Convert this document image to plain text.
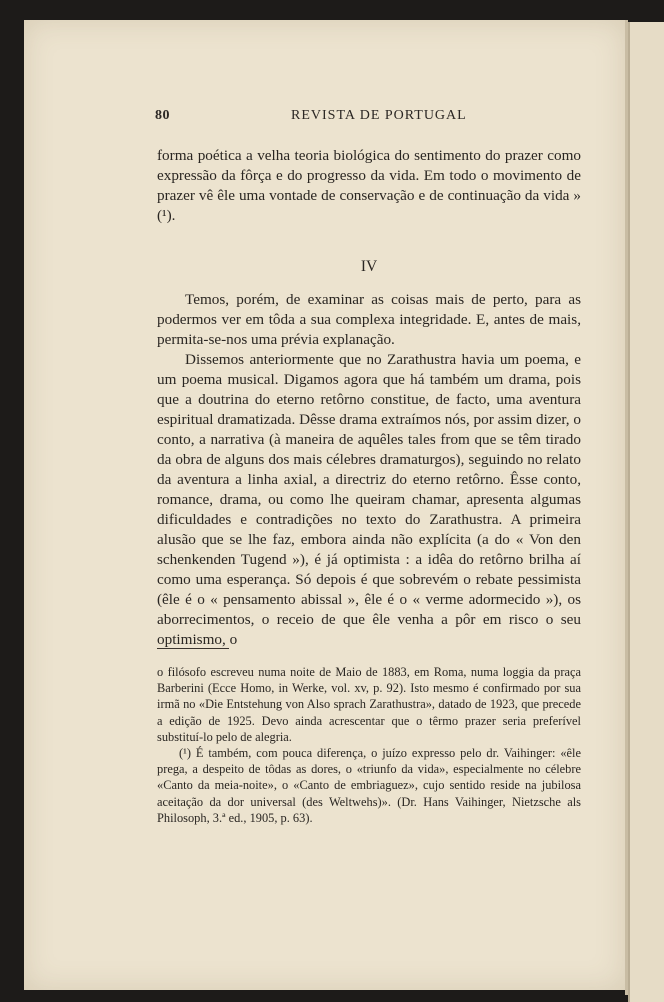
80	REVISTA DE PORTUGAL

forma poética a velha teoria biológica do sentimento do prazer como expressão da fôrça e do progresso da vida. Em todo o movimento de prazer vê êle uma vontade de conservação e de continuação da vida » (¹).

IV

Temos, porém, de examinar as coisas mais de perto, para as podermos ver em tôda a sua complexa integridade. E, antes de mais, permita-se-nos uma prévia explanação.

Dissemos anteriormente que no Zarathustra havia um poema, e um poema musical. Digamos agora que há também um drama, pois que a doutrina do eterno retôrno constitue, de facto, uma aventura espiritual dramatizada. Dêsse drama extraímos nós, por assim dizer, o conto, a narrativa (à maneira de aquêles tales from que se têm tirado da obra de alguns dos mais célebres dramaturgos), seguindo no relato da aventura a linha axial, a directriz do eterno retôrno. Êsse conto, romance, drama, ou como lhe queiram chamar, apresenta algumas dificuldades e contradições no texto do Zarathustra. A primeira alusão que se lhe faz, embora ainda não explícita (a do « Von den schenkenden Tugend »), é já optimista : a idêa do retôrno brilha aí como uma esperança. Só depois é que sobrevém o rebate pessimista (êle é o « pensamento abissal », êle é o « verme adormecido »), os aborrecimentos, o receio de que êle venha a pôr em risco o seu optimismo, o

o filósofo escreveu numa noite de Maio de 1883, em Roma, numa loggia da praça Barberini (Ecce Homo, in Werke, vol. xv, p. 92). Isto mesmo é confirmado por sua irmã no «Die Entstehung von Also sprach Zarathustra», datado de 1923, que precede a edição de 1925. Devo ainda acrescentar que o têrmo prazer seria preferível substituí-lo pelo de alegria.

(¹) É também, com pouca diferença, o juízo expresso pelo dr. Vaihinger: «êle prega, a despeito de tôdas as dores, o «triunfo da vida», especialmente no célebre «Canto da meia-noite», o «Canto de embriaguez», cujo sentido reside na jubilosa aceitação da dor universal (des Weltwehs)». (Dr. Hans Vaihinger, Nietzsche als Philosoph, 3.ª ed., 1905, p. 63).
